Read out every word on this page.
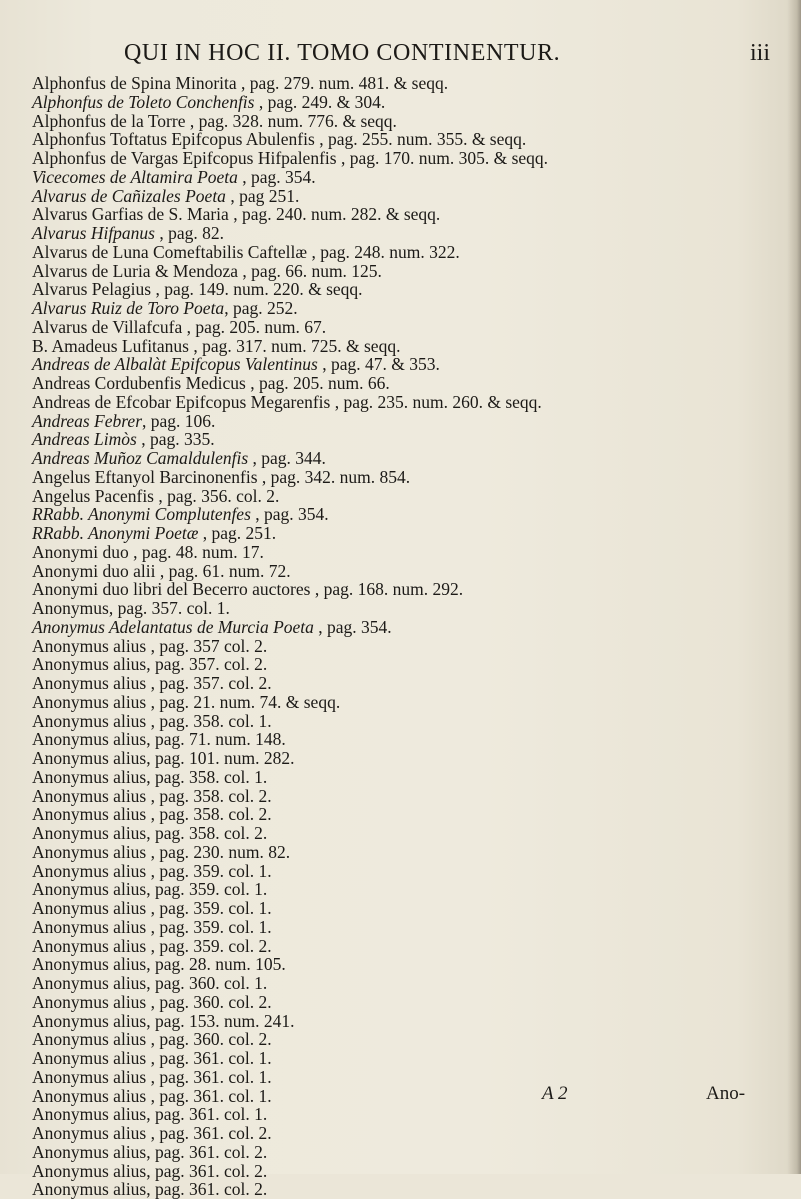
QUI IN HOC II. TOMO CONTINENTUR.	iii
Alphonfus de Spina Minorita , pag. 279. num. 481. & seqq.
Alphonfus de Toleto Conchenfis , pag. 249. & 304.
Alphonfus de la Torre , pag. 328. num. 776. & seqq.
Alphonfus Toftatus Epifcopus Abulenfis , pag. 255. num. 355. & seqq.
Alphonfus de Vargas Epifcopus Hifpalenfis , pag. 170. num. 305. & seqq.
Vicecomes de Altamira Poeta , pag. 354.
Alvarus de Cañizales Poeta , pag 251.
Alvarus Garfias de S. Maria , pag. 240. num. 282. & seqq.
Alvarus Hifpanus , pag. 82.
Alvarus de Luna Comeftabilis Caftellæ , pag. 248. num. 322.
Alvarus de Luria & Mendoza , pag. 66. num. 125.
Alvarus Pelagius , pag. 149. num. 220. & seqq.
Alvarus Ruiz de Toro Poeta, pag. 252.
Alvarus de Villafcufa , pag. 205. num. 67.
B. Amadeus Lufitanus , pag. 317. num. 725. & seqq.
Andreas de Albalàt Epifcopus Valentinus , pag. 47. & 353.
Andreas Cordubenfis Medicus , pag. 205. num. 66.
Andreas de Efcobar Epifcopus Megarenfis , pag. 235. num. 260. & seqq.
Andreas Febrer, pag. 106.
Andreas Limòs , pag. 335.
Andreas Muñoz Camaldulenfis , pag. 344.
Angelus Eftanyol Barcinonenfis , pag. 342. num. 854.
Angelus Pacenfis , pag. 356. col. 2.
RRabb. Anonymi Complutenfes , pag. 354.
RRabb. Anonymi Poetæ , pag. 251.
Anonymi duo , pag. 48. num. 17.
Anonymi duo alii , pag. 61. num. 72.
Anonymi duo libri del Becerro auctores , pag. 168. num. 292.
Anonymus, pag. 357. col. 1.
Anonymus Adelantatus de Murcia Poeta , pag. 354.
Anonymus alius , pag. 357 col. 2.
Anonymus alius, pag. 357. col. 2.
Anonymus alius , pag. 357. col. 2.
Anonymus alius , pag. 21. num. 74. & seqq.
Anonymus alius , pag. 358. col. 1.
Anonymus alius, pag. 71. num. 148.
Anonymus alius, pag. 101. num. 282.
Anonymus alius, pag. 358. col. 1.
Anonymus alius , pag. 358. col. 2.
Anonymus alius , pag. 358. col. 2.
Anonymus alius, pag. 358. col. 2.
Anonymus alius , pag. 230. num. 82.
Anonymus alius , pag. 359. col. 1.
Anonymus alius, pag. 359. col. 1.
Anonymus alius , pag. 359. col. 1.
Anonymus alius , pag. 359. col. 1.
Anonymus alius , pag. 359. col. 2.
Anonymus alius, pag. 28. num. 105.
Anonymus alius, pag. 360. col. 1.
Anonymus alius , pag. 360. col. 2.
Anonymus alius, pag. 153. num. 241.
Anonymus alius , pag. 360. col. 2.
Anonymus alius , pag. 361. col. 1.
Anonymus alius , pag. 361. col. 1.
Anonymus alius , pag. 361. col. 1.
Anonymus alius, pag. 361. col. 1.
Anonymus alius , pag. 361. col. 2.
Anonymus alius, pag. 361. col. 2.
Anonymus alius, pag. 361. col. 2.
Anonymus alius, pag. 361. col. 2.
A 2	Ano-
